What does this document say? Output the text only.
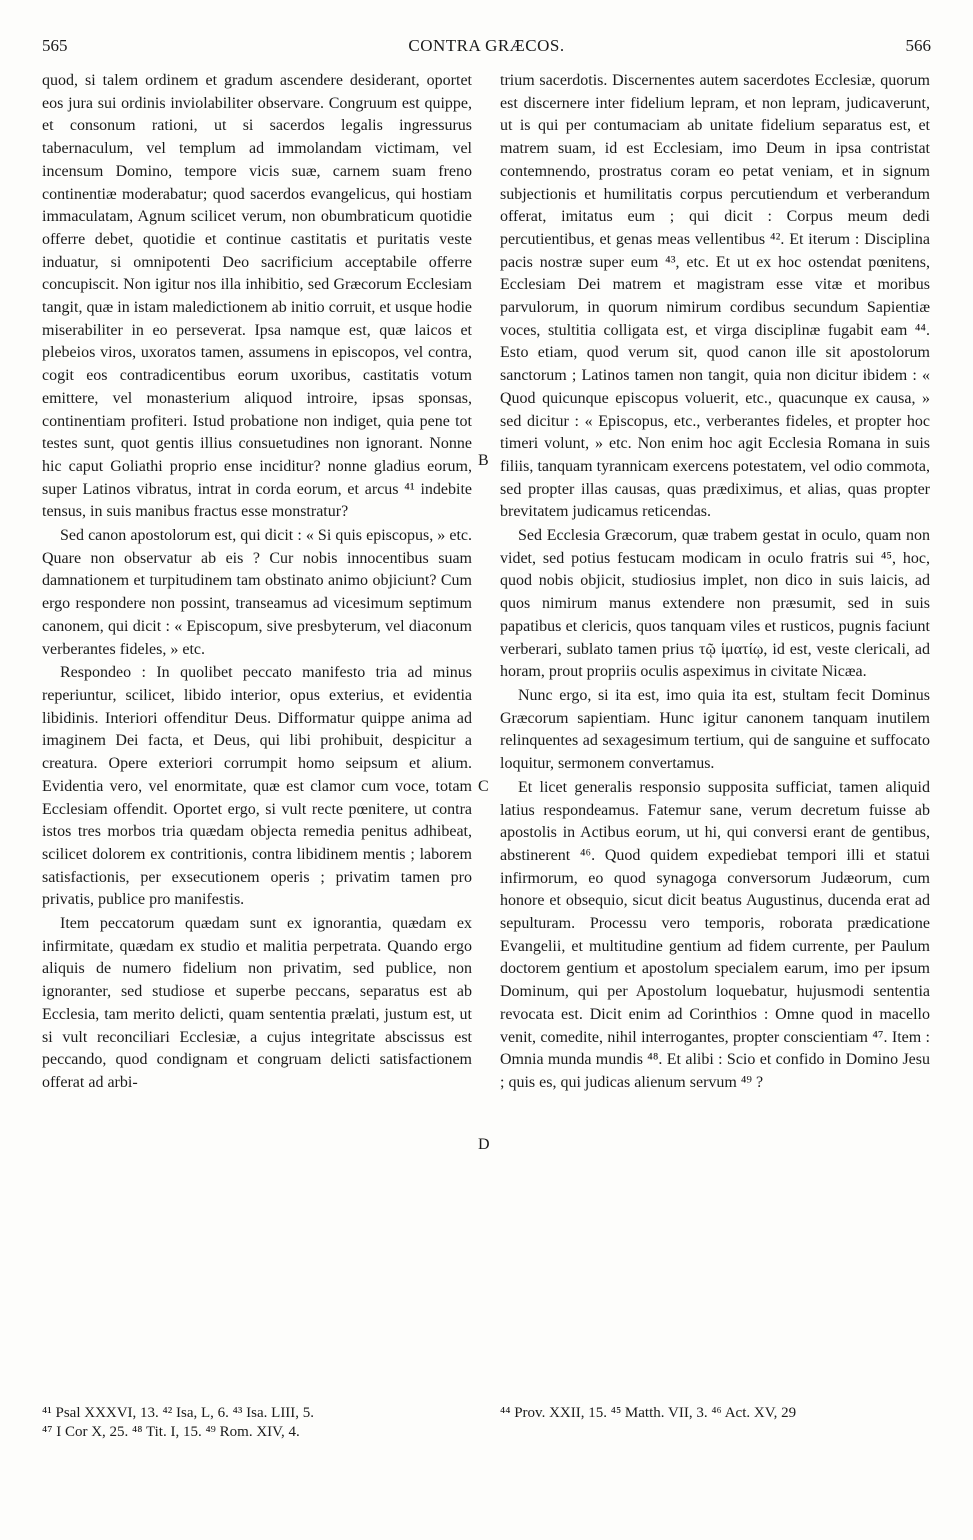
565	CONTRA GRÆCOS.	566

quod, si talem ordinem et gradum ascendere desiderant, oportet eos jura sui ordinis inviolabiliter observare. Congruum est quippe, et consonum rationi, ut si sacerdos legalis ingressurus tabernaculum, vel templum ad immolandam victimam, vel incensum Domino, tempore vicis suæ, carnem suam freno continentiæ moderabatur; quod sacerdos evangelicus, qui hostiam immaculatam, Agnum scilicet verum, non obumbraticum quotidie offerre debet, quotidie et continue castitatis et puritatis veste induatur, si omnipotenti Deo sacrificium acceptabile offerre concupiscit. Non igitur nos illa inhibitio, sed Græcorum Ecclesiam tangit, quæ in istam maledictionem ab initio corruit, et usque hodie miserabiliter in eo perseverat. Ipsa namque est, quæ laicos et plebeios viros, uxoratos tamen, assumens in episcopos, vel contra, cogit eos contradicentibus eorum uxoribus, castitatis votum emittere, vel monasterium aliquod introire, ipsas sponsas, continentiam profiteri. Istud probatione non indiget, quia pene tot testes sunt, quot gentis illius consuetudines non ignorant. Nonne hic caput Goliathi proprio ense inciditur? nonne gladius eorum, super Latinos vibratus, intrat in corda eorum, et arcus ⁴¹ indebite tensus, in suis manibus fractus esse monstratur?

Sed canon apostolorum est, qui dicit : « Si quis episcopus, » etc. Quare non observatur ab eis ? Cur nobis innocentibus suam damnationem et turpitudinem tam obstinato animo objiciunt? Cum ergo respondere non possint, transeamus ad vicesimum septimum canonem, qui dicit : « Episcopum, sive presbyterum, vel diaconum verberantes fideles, » etc.

Respondeo : In quolibet peccato manifesto tria ad minus reperiuntur, scilicet, libido interior, opus exterius, et evidentia libidinis. Interiori offenditur Deus. Difformatur quippe anima ad imaginem Dei facta, et Deus, qui libi prohibuit, despicitur a creatura. Opere exteriori corrumpit homo seipsum et alium. Evidentia vero, vel enormitate, quæ est clamor cum voce, totam Ecclesiam offendit. Oportet ergo, si vult recte pœnitere, ut contra istos tres morbos tria quædam objecta remedia penitus adhibeat, scilicet dolorem ex contritionis, contra libidinem mentis ; laborem satisfactionis, per exsecutionem operis ; privatim tamen pro privatis, publice pro manifestis.

Item peccatorum quædam sunt ex ignorantia, quædam ex infirmitate, quædam ex studio et malitia perpetrata. Quando ergo aliquis de numero fidelium non privatim, sed publice, non ignoranter, sed studiose et superbe peccans, separatus est ab Ecclesia, tam merito delicti, quam sententia prælati, justum est, ut si vult reconciliari Ecclesiæ, a cujus integritate abscissus est peccando, quod condignam et congruam delicti satisfactionem offerat ad arbi-

B
C
D

trium sacerdotis. Discernentes autem sacerdotes Ecclesiæ, quorum est discernere inter fidelium lepram, et non lepram, judicaverunt, ut is qui per contumaciam ab unitate fidelium separatus est, et matrem suam, id est Ecclesiam, imo Deum in ipsa contristat contemnendo, prostratus coram eo petat veniam, et in signum subjectionis et humilitatis corpus percutiendum et verberandum offerat, imitatus eum ; qui dicit : Corpus meum dedi percutientibus, et genas meas vellentibus ⁴². Et iterum : Disciplina pacis nostræ super eum ⁴³, etc. Et ut ex hoc ostendat pœnitens, Ecclesiam Dei matrem et magistram esse vitæ et moribus parvulorum, in quorum nimirum cordibus secundum Sapientiæ voces, stultitia colligata est, et virga disciplinæ fugabit eam ⁴⁴. Esto etiam, quod verum sit, quod canon ille sit apostolorum sanctorum ; Latinos tamen non tangit, quia non dicitur ibidem : « Quod quicunque episcopus voluerit, etc., quacunque ex causa, » sed dicitur : « Episcopus, etc., verberantes fideles, et propter hoc timeri volunt, » etc. Non enim hoc agit Ecclesia Romana in suis filiis, tanquam tyrannicam exercens potestatem, vel odio commota, sed propter illas causas, quas prædiximus, et alias, quas propter brevitatem judicamus reticendas.

Sed Ecclesia Græcorum, quæ trabem gestat in oculo, quam non videt, sed potius festucam modicam in oculo fratris sui ⁴⁵, hoc, quod nobis objicit, studiosius implet, non dico in suis laicis, ad quos nimirum manus extendere non præsumit, sed in suis papatibus et clericis, quos tanquam viles et rusticos, pugnis faciunt verberari, sublato tamen prius τῷ ἱματίῳ, id est, veste clericali, ad horam, prout propriis oculis aspeximus in civitate Nicæa.

Nunc ergo, si ita est, imo quia ita est, stultam fecit Dominus Græcorum sapientiam. Hunc igitur canonem tanquam inutilem relinquentes ad sexagesimum tertium, qui de sanguine et suffocato loquitur, sermonem convertamus.

Et licet generalis responsio supposita sufficiat, tamen aliquid latius respondeamus. Fatemur sane, verum decretum fuisse ab apostolis in Actibus eorum, ut hi, qui conversi erant de gentibus, abstinerent ⁴⁶. Quod quidem expediebat tempori illi et statui infirmorum, eo quod synagoga conversorum Judæorum, cum honore et obsequio, sicut dicit beatus Augustinus, ducenda erat ad sepulturam. Processu vero temporis, roborata prædicatione Evangelii, et multitudine gentium ad fidem currente, per Paulum doctorem gentium et apostolum specialem earum, imo per ipsum Dominum, qui per Apostolum loquebatur, hujusmodi sententia revocata est. Dicit enim ad Corinthios : Omne quod in macello venit, comedite, nihil interrogantes, propter conscientiam ⁴⁷. Item : Omnia munda mundis ⁴⁸. Et alibi : Scio et confido in Domino Jesu ; quis es, qui judicas alienum servum ⁴⁹ ?

⁴¹ Psal XXXVI, 13. ⁴² Isa, L, 6. ⁴³ Isa. LIII, 5.
⁴⁷ I Cor X, 25. ⁴⁸ Tit. I, 15. ⁴⁹ Rom. XIV, 4.
⁴⁴ Prov. XXII, 15. ⁴⁵ Matth. VII, 3. ⁴⁶ Act. XV, 29
